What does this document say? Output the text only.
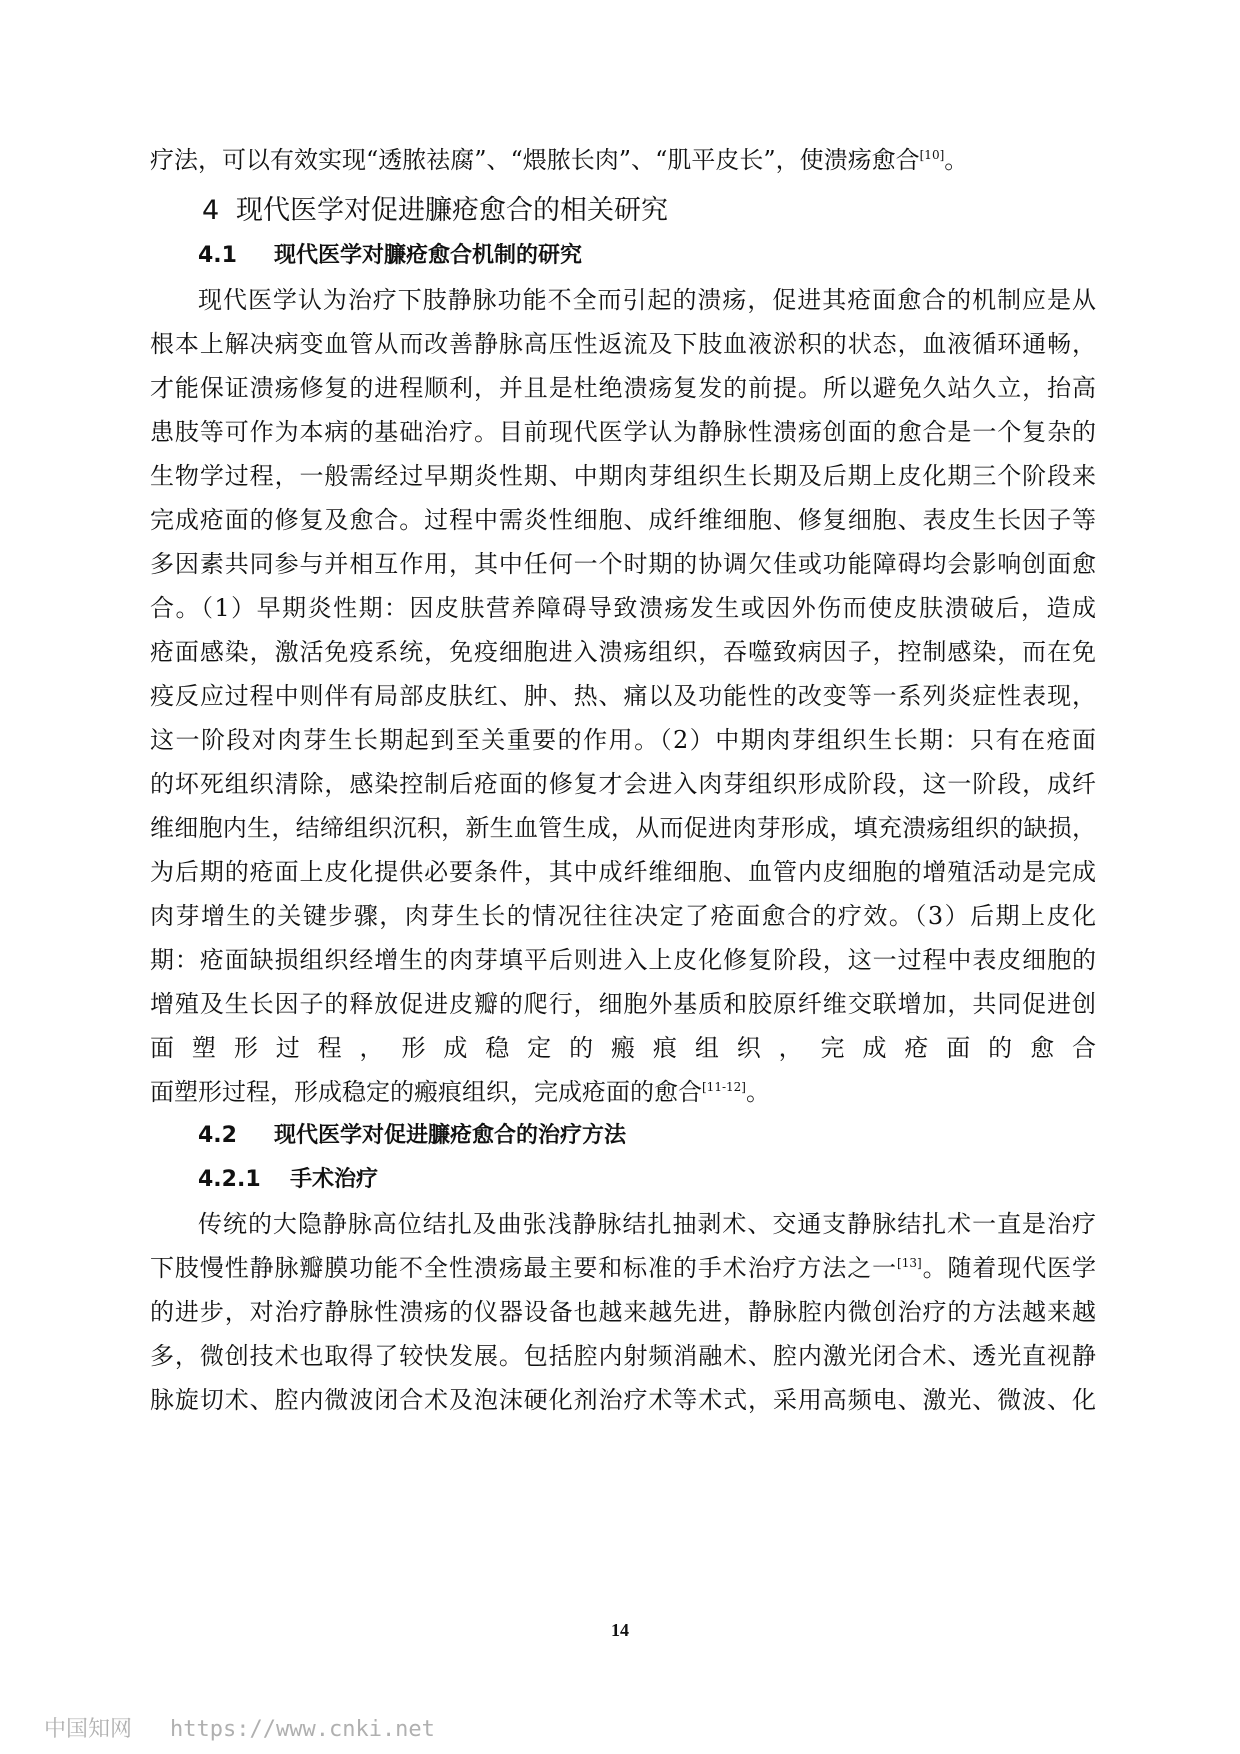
疗法，可以有效实现“透脓祛腐”、“煨脓长肉”、“肌平皮长”，使溃疡愈合[10]。
4 现代医学对促进臁疮愈合的相关研究
4.1 现代医学对臁疮愈合机制的研究
现代医学认为治疗下肢静脉功能不全而引起的溃疡，促进其疮面愈合的机制应是从
根本上解决病变血管从而改善静脉高压性返流及下肢血液淤积的状态，血液循环通畅，
才能保证溃疡修复的进程顺利，并且是杜绝溃疡复发的前提。所以避免久站久立，抬高
患肢等可作为本病的基础治疗。目前现代医学认为静脉性溃疡创面的愈合是一个复杂的
生物学过程，一般需经过早期炎性期、中期肉芽组织生长期及后期上皮化期三个阶段来
完成疮面的修复及愈合。过程中需炎性细胞、成纤维细胞、修复细胞、表皮生长因子等
多因素共同参与并相互作用，其中任何一个时期的协调欠佳或功能障碍均会影响创面愈
合。（1）早期炎性期：因皮肤营养障碍导致溃疡发生或因外伤而使皮肤溃破后，造成
疮面感染，激活免疫系统，免疫细胞进入溃疡组织，吞噬致病因子，控制感染，而在免
疫反应过程中则伴有局部皮肤红、肿、热、痛以及功能性的改变等一系列炎症性表现，
这一阶段对肉芽生长期起到至关重要的作用。（2）中期肉芽组织生长期：只有在疮面
的坏死组织清除，感染控制后疮面的修复才会进入肉芽组织形成阶段，这一阶段，成纤
维细胞内生，结缔组织沉积，新生血管生成，从而促进肉芽形成，填充溃疡组织的缺损，
为后期的疮面上皮化提供必要条件，其中成纤维细胞、血管内皮细胞的增殖活动是完成
肉芽增生的关键步骤，肉芽生长的情况往往决定了疮面愈合的疗效。（3）后期上皮化
期：疮面缺损组织经增生的肉芽填平后则进入上皮化修复阶段，这一过程中表皮细胞的
增殖及生长因子的释放促进皮瓣的爬行，细胞外基质和胶原纤维交联增加，共同促进创
面塑形过程，形成稳定的瘢痕组织，完成疮面的愈合
面塑形过程，形成稳定的瘢痕组织，完成疮面的愈合[11-12]。
4.2 现代医学对促进臁疮愈合的治疗方法
4.2.1 手术治疗
传统的大隐静脉高位结扎及曲张浅静脉结扎抽剥术、交通支静脉结扎术一直是治疗
下肢慢性静脉瓣膜功能不全性溃疡最主要和标准的手术治疗方法之一[13]。随着现代医学
的进步，对治疗静脉性溃疡的仪器设备也越来越先进，静脉腔内微创治疗的方法越来越
多，微创技术也取得了较快发展。包括腔内射频消融术、腔内激光闭合术、透光直视静
脉旋切术、腔内微波闭合术及泡沫硬化剂治疗术等术式，采用高频电、激光、微波、化
14
中国知网 https://www.cnki.net
